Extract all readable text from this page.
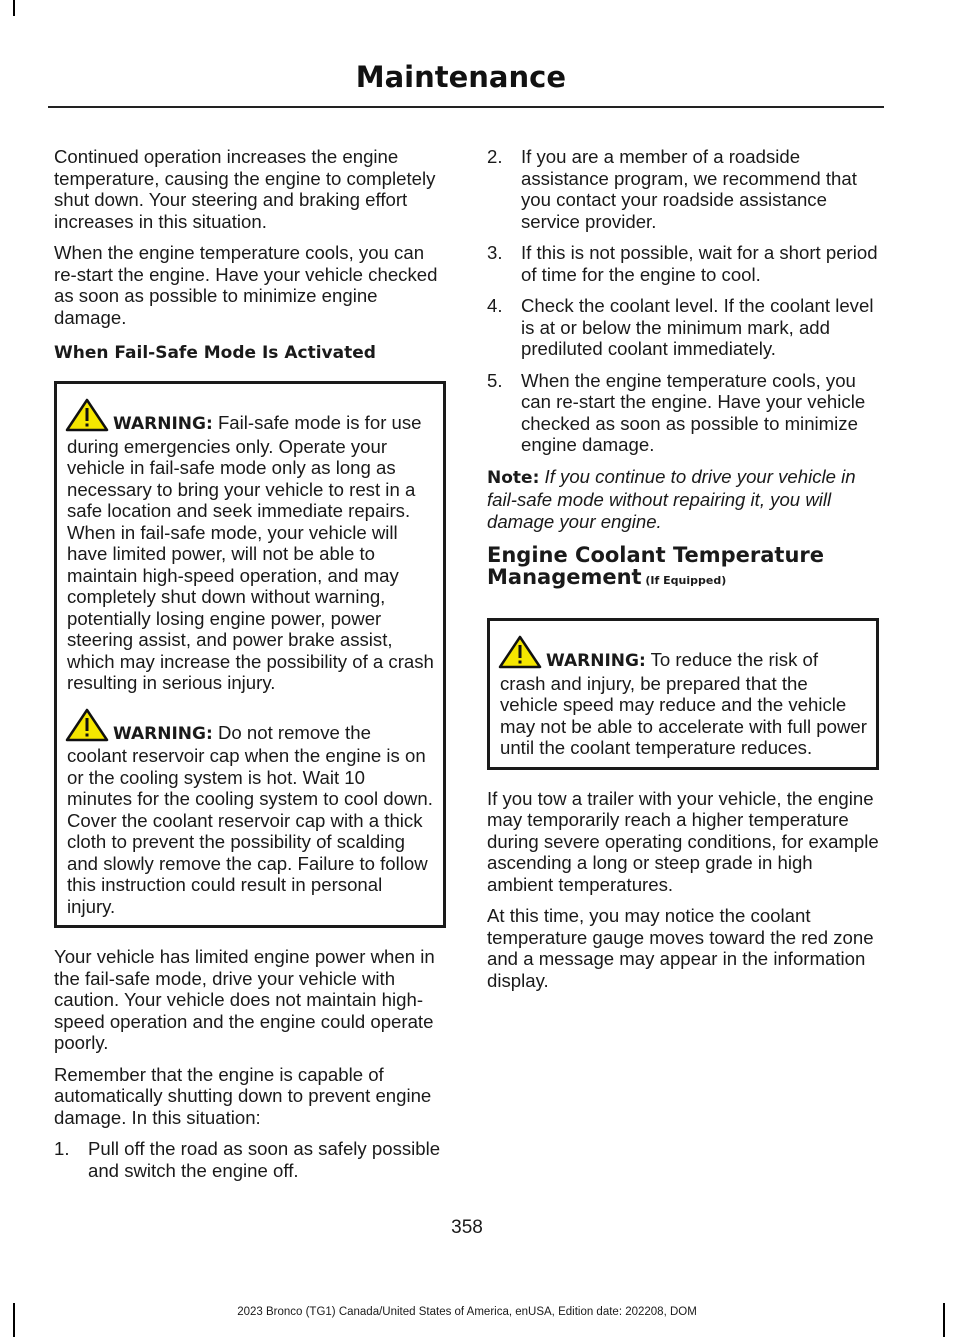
Maintenance

Continued operation increases the engine temperature, causing the engine to completely shut down. Your steering and braking effort increases in this situation.

When the engine temperature cools, you can re-start the engine. Have your vehicle checked as soon as possible to minimize engine damage.

When Fail-Safe Mode Is Activated
WARNING: Fail-safe mode is for use during emergencies only. Operate your vehicle in fail-safe mode only as long as necessary to bring your vehicle to rest in a safe location and seek immediate repairs. When in fail-safe mode, your vehicle will have limited power, will not be able to maintain high-speed operation, and may completely shut down without warning, potentially losing engine power, power steering assist, and power brake assist, which may increase the possibility of a crash resulting in serious injury.
WARNING: Do not remove the coolant reservoir cap when the engine is on or the cooling system is hot. Wait 10 minutes for the cooling system to cool down. Cover the coolant reservoir cap with a thick cloth to prevent the possibility of scalding and slowly remove the cap. Failure to follow this instruction could result in personal injury.

Your vehicle has limited engine power when in the fail-safe mode, drive your vehicle with caution. Your vehicle does not maintain high-speed operation and the engine could operate poorly.

Remember that the engine is capable of automatically shutting down to prevent engine damage. In this situation:

1. Pull off the road as soon as safely possible and switch the engine off.
2. If you are a member of a roadside assistance program, we recommend that you contact your roadside assistance service provider.
3. If this is not possible, wait for a short period of time for the engine to cool.
4. Check the coolant level. If the coolant level is at or below the minimum mark, add prediluted coolant immediately.
5. When the engine temperature cools, you can re-start the engine. Have your vehicle checked as soon as possible to minimize engine damage.

Note: If you continue to drive your vehicle in fail-safe mode without repairing it, you will damage your engine.

Engine Coolant Temperature Management (If Equipped)
WARNING: To reduce the risk of crash and injury, be prepared that the vehicle speed may reduce and the vehicle may not be able to accelerate with full power until the coolant temperature reduces.

If you tow a trailer with your vehicle, the engine may temporarily reach a higher temperature during severe operating conditions, for example ascending a long or steep grade in high ambient temperatures.

At this time, you may notice the coolant temperature gauge moves toward the red zone and a message may appear in the information display.

358
2023 Bronco (TG1) Canada/United States of America, enUSA, Edition date: 202208, DOM
